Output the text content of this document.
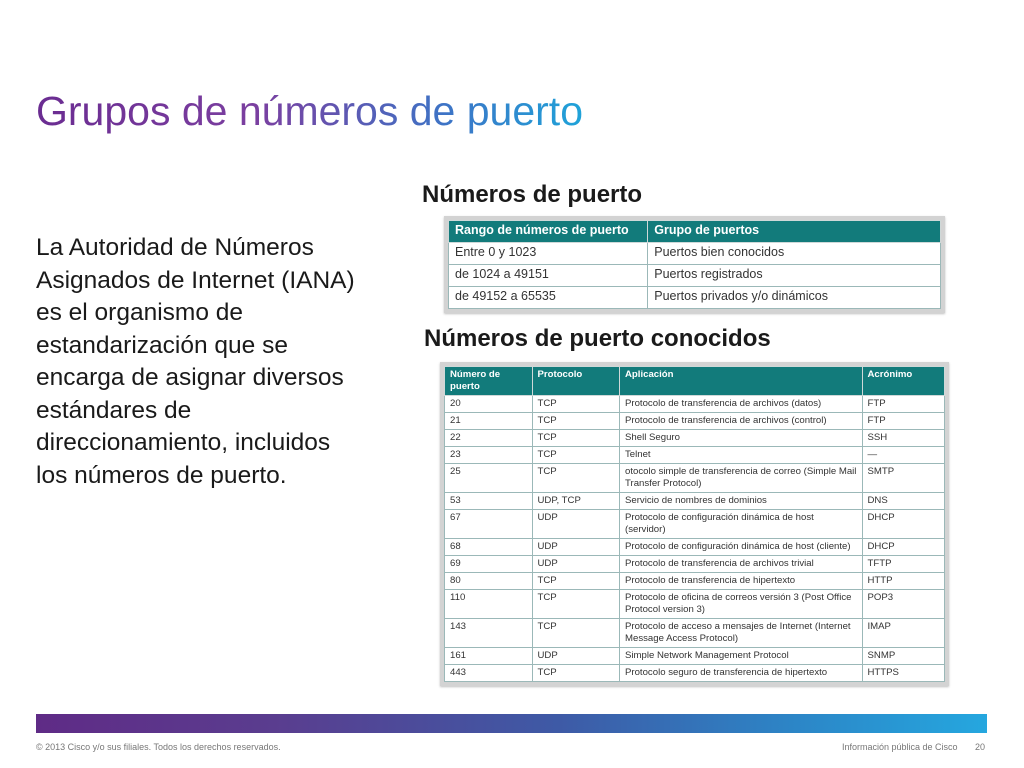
Grupos de números de puerto

La Autoridad de Números Asignados de Internet (IANA) es el organismo de estandarización que se encarga de asignar diversos estándares de direccionamiento, incluidos los números de puerto.

Números de puerto
Rango de números de puerto	Grupo de puertos
Entre 0 y 1023	Puertos bien conocidos
de 1024 a 49151	Puertos registrados
de 49152 a 65535	Puertos privados y/o dinámicos
Números de puerto conocidos
Número de puerto	Protocolo	Aplicación	Acrónimo
20	TCP	Protocolo de transferencia de archivos (datos)	FTP
21	TCP	Protocolo de transferencia de archivos (control)	FTP
22	TCP	Shell Seguro	SSH
23	TCP	Telnet	—
25	TCP	otocolo simple de transferencia de correo (Simple Mail Transfer Protocol)	SMTP
53	UDP, TCP	Servicio de nombres de dominios	DNS
67	UDP	Protocolo de configuración dinámica de host (servidor)	DHCP
68	UDP	Protocolo de configuración dinámica de host (cliente)	DHCP
69	UDP	Protocolo de transferencia de archivos trivial	TFTP
80	TCP	Protocolo de transferencia de hipertexto	HTTP
110	TCP	Protocolo de oficina de correos versión 3 (Post Office Protocol version 3)	POP3
143	TCP	Protocolo de acceso a mensajes de Internet (Internet Message Access Protocol)	IMAP
161	UDP	Simple Network Management Protocol	SNMP
443	TCP	Protocolo seguro de transferencia de hipertexto	HTTPS
© 2013 Cisco y/o sus filiales. Todos los derechos reservados.	Información pública de Cisco 20
